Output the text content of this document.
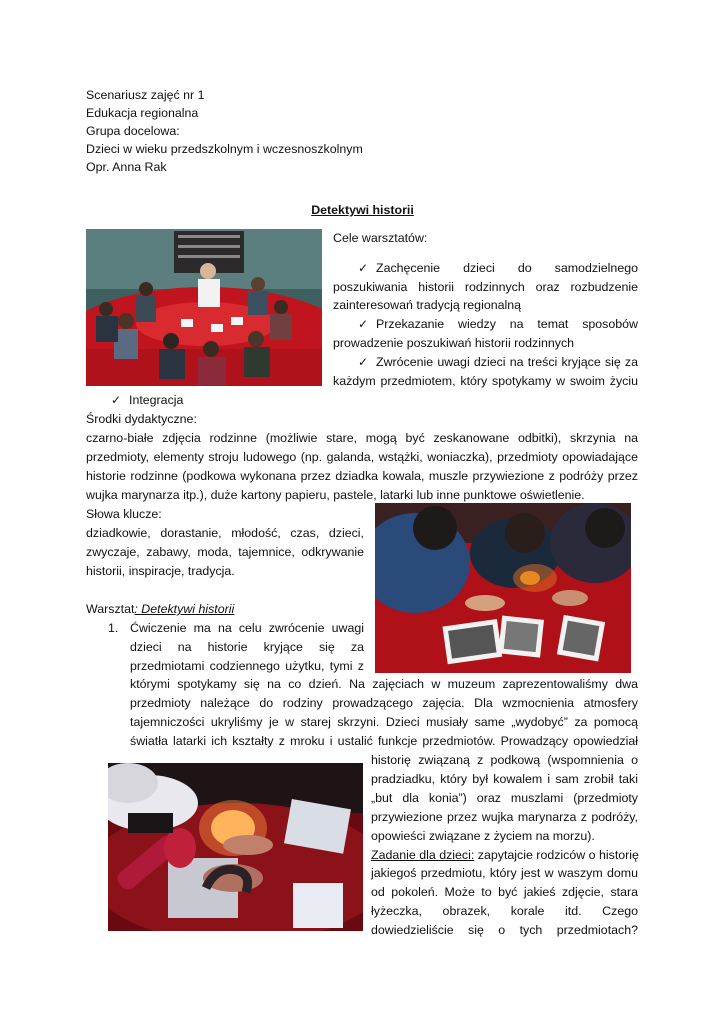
Scenariusz zajęć nr 1
Edukacja regionalna
Grupa docelowa:
Dzieci w wieku przedszkolnym i wczesnoszkolnym
Opr. Anna Rak
Detektywi historii
Cele warsztatów:
✓ Zachęcenie dzieci do samodzielnego
poszukiwania historii rodzinnych oraz rozbudzenie
zainteresowań tradycją regionalną
✓ Przekazanie wiedzy na temat sposobów
prowadzenie poszukiwań historii rodzinnych
✓ Zwrócenie uwagi dzieci na treści kryjące się za
każdym przedmiotem, który spotykamy w swoim życiu
✓ Integracja
Środki dydaktyczne:
czarno-białe zdjęcia rodzinne (możliwie stare, mogą być zeskanowane odbitki), skrzynia na
przedmioty, elementy stroju ludowego (np. galanda, wstążki, woniaczka), przedmioty opowiadające
historie rodzinne (podkowa wykonana przez dziadka kowala, muszle przywiezione z podróży przez
wujka marynarza itp.), duże kartony papieru, pastele, latarki lub inne punktowe oświetlenie.
Słowa klucze:
dziadkowie, dorastanie, młodość, czas, dzieci,
zwyczaje, zabawy, moda, tajemnice, odkrywanie
historii, inspiracje, tradycja.
Warsztat: Detektywi historii
1. Ćwiczenie ma na celu zwrócenie uwagi
dzieci na historie kryjące się za
przedmiotami codziennego użytku, tymi z
którymi spotykamy się na co dzień. Na zajęciach w muzeum zaprezentowaliśmy dwa
przedmioty należące do rodziny prowadzącego zajęcia. Dla wzmocnienia atmosfery
tajemniczości ukryliśmy je w starej skrzyni. Dzieci musiały same „wydobyć” za pomocą
światła latarki ich kształty z mroku i ustalić funkcje przedmiotów. Prowadzący opowiedział
historię związaną z podkową (wspomnienia o
pradziadku, który był kowalem i sam zrobił taki
„but dla konia”) oraz muszlami (przedmioty
przywiezione przez wujka marynarza z podróży,
opowieści związane z życiem na morzu).
Zadanie dla dzieci: zapytajcie rodziców o historię
jakiegoś przedmiotu, który jest w waszym domu
od pokoleń. Może to być jakieś zdjęcie, stara
łyżeczka, obrazek, korale itd. Czego
dowiedzieliście się o tych przedmiotach?
